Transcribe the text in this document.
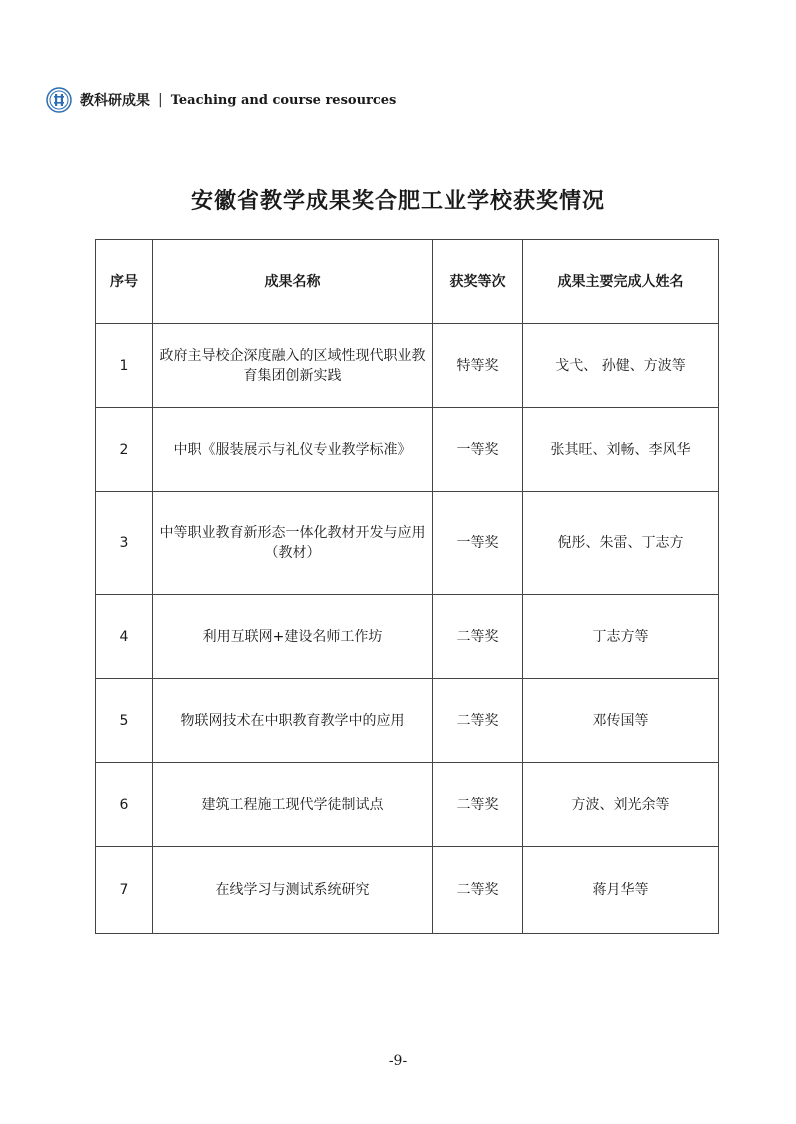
教科研成果 | Teaching and course resources
安徽省教学成果奖合肥工业学校获奖情况
序号	成果名称	获奖等次	成果主要完成人姓名
1	政府主导校企深度融入的区域性现代职业教育集团创新实践	特等奖	戈弋、 孙健、方波等
2	中职《服装展示与礼仪专业教学标准》	一等奖	张其旺、刘畅、李风华
3	中等职业教育新形态一体化教材开发与应用（教材）	一等奖	倪彤、朱雷、丁志方
4	利用互联网+建设名师工作坊	二等奖	丁志方等
5	物联网技术在中职教育教学中的应用	二等奖	邓传国等
6	建筑工程施工现代学徒制试点	二等奖	方波、刘光余等
7	在线学习与测试系统研究	二等奖	蒋月华等
-9-
